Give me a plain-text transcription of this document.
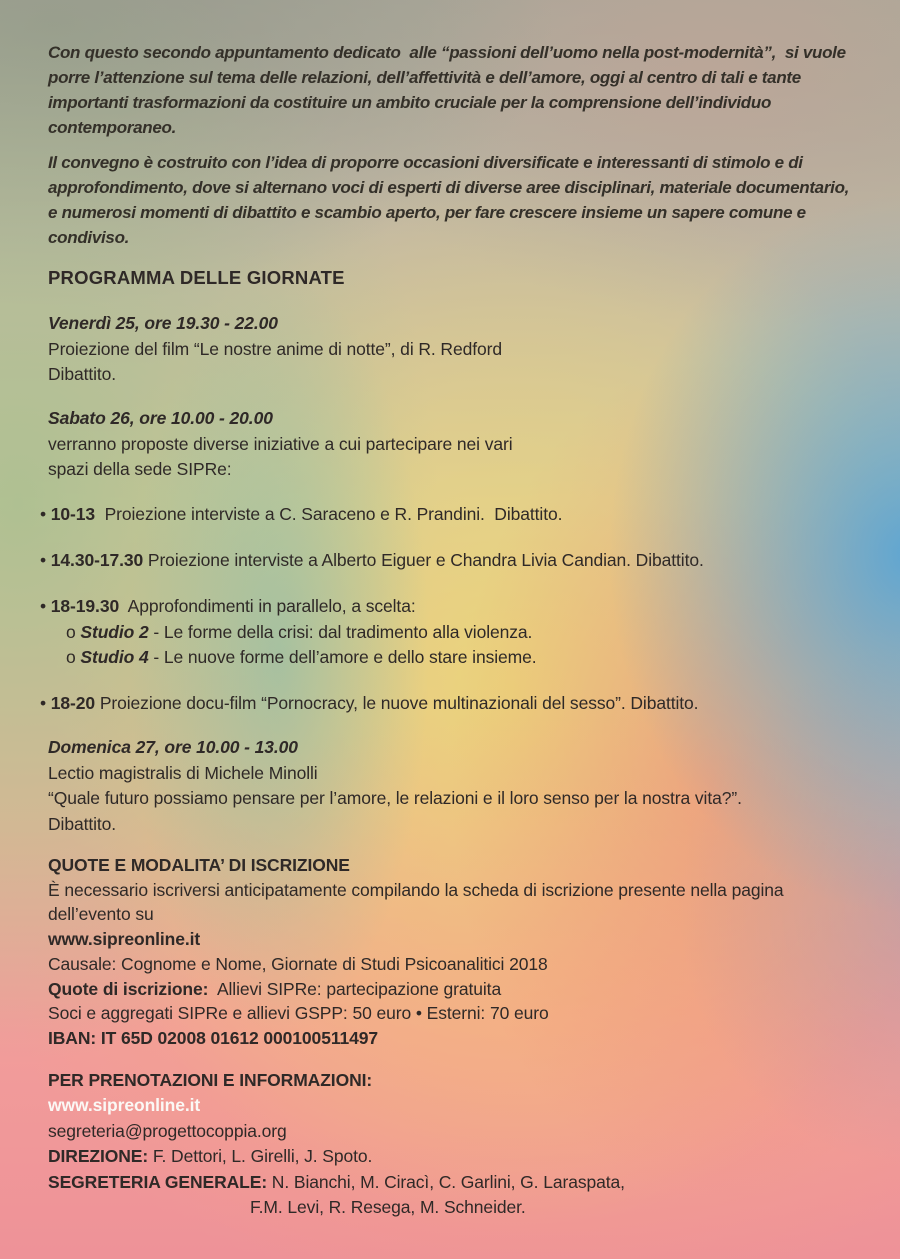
Con questo secondo appuntamento dedicato  alle “passioni dell’uomo nella post-modernità”,  si vuole
porre l’attenzione sul tema delle relazioni, dell’affettività e dell’amore, oggi al centro di tali e tante
importanti trasformazioni da costituire un ambito cruciale per la comprensione dell’individuo
contemporaneo.
Il convegno è costruito con l’idea di proporre occasioni diversificate e interessanti di stimolo e di
approfondimento, dove si alternano voci di esperti di diverse aree disciplinari, materiale documentario,
e numerosi momenti di dibattito e scambio aperto, per fare crescere insieme un sapere comune e
condiviso.
PROGRAMMA DELLE GIORNATE
Venerdì 25, ore 19.30 - 22.00
Proiezione del film “Le nostre anime di notte”, di R. Redford
Dibattito.
Sabato 26, ore 10.00 - 20.00
verranno proposte diverse iniziative a cui partecipare nei vari
spazi della sede SIPRe:
• 10-13  Proiezione interviste a C. Saraceno e R. Prandini.  Dibattito.
• 14.30-17.30 Proiezione interviste a Alberto Eiguer e Chandra Livia Candian. Dibattito.
• 18-19.30  Approfondimenti in parallelo, a scelta:
o Studio 2 - Le forme della crisi: dal tradimento alla violenza.
o Studio 4 - Le nuove forme dell’amore e dello stare insieme.
• 18-20 Proiezione docu-film “Pornocracy, le nuove multinazionali del sesso”. Dibattito.
Domenica 27, ore 10.00 - 13.00
Lectio magistralis di Michele Minolli
“Quale futuro possiamo pensare per l’amore, le relazioni e il loro senso per la nostra vita?”.
Dibattito.
QUOTE E MODALITA’ DI ISCRIZIONE
È necessario iscriversi anticipatamente compilando la scheda di iscrizione presente nella pagina
dell’evento su
www.sipreonline.it
Causale: Cognome e Nome, Giornate di Studi Psicoanalitici 2018
Quote di iscrizione:  Allievi SIPRe: partecipazione gratuita
Soci e aggregati SIPRe e allievi GSPP: 50 euro • Esterni: 70 euro
IBAN: IT 65D 02008 01612 000100511497
PER PRENOTAZIONI E INFORMAZIONI:
www.sipreonline.it
segreteria@progettocoppia.org
DIREZIONE: F. Dettori, L. Girelli, J. Spoto.
SEGRETERIA GENERALE: N. Bianchi, M. Ciracì, C. Garlini, G. Laraspata,
F.M. Levi, R. Resega, M. Schneider.
